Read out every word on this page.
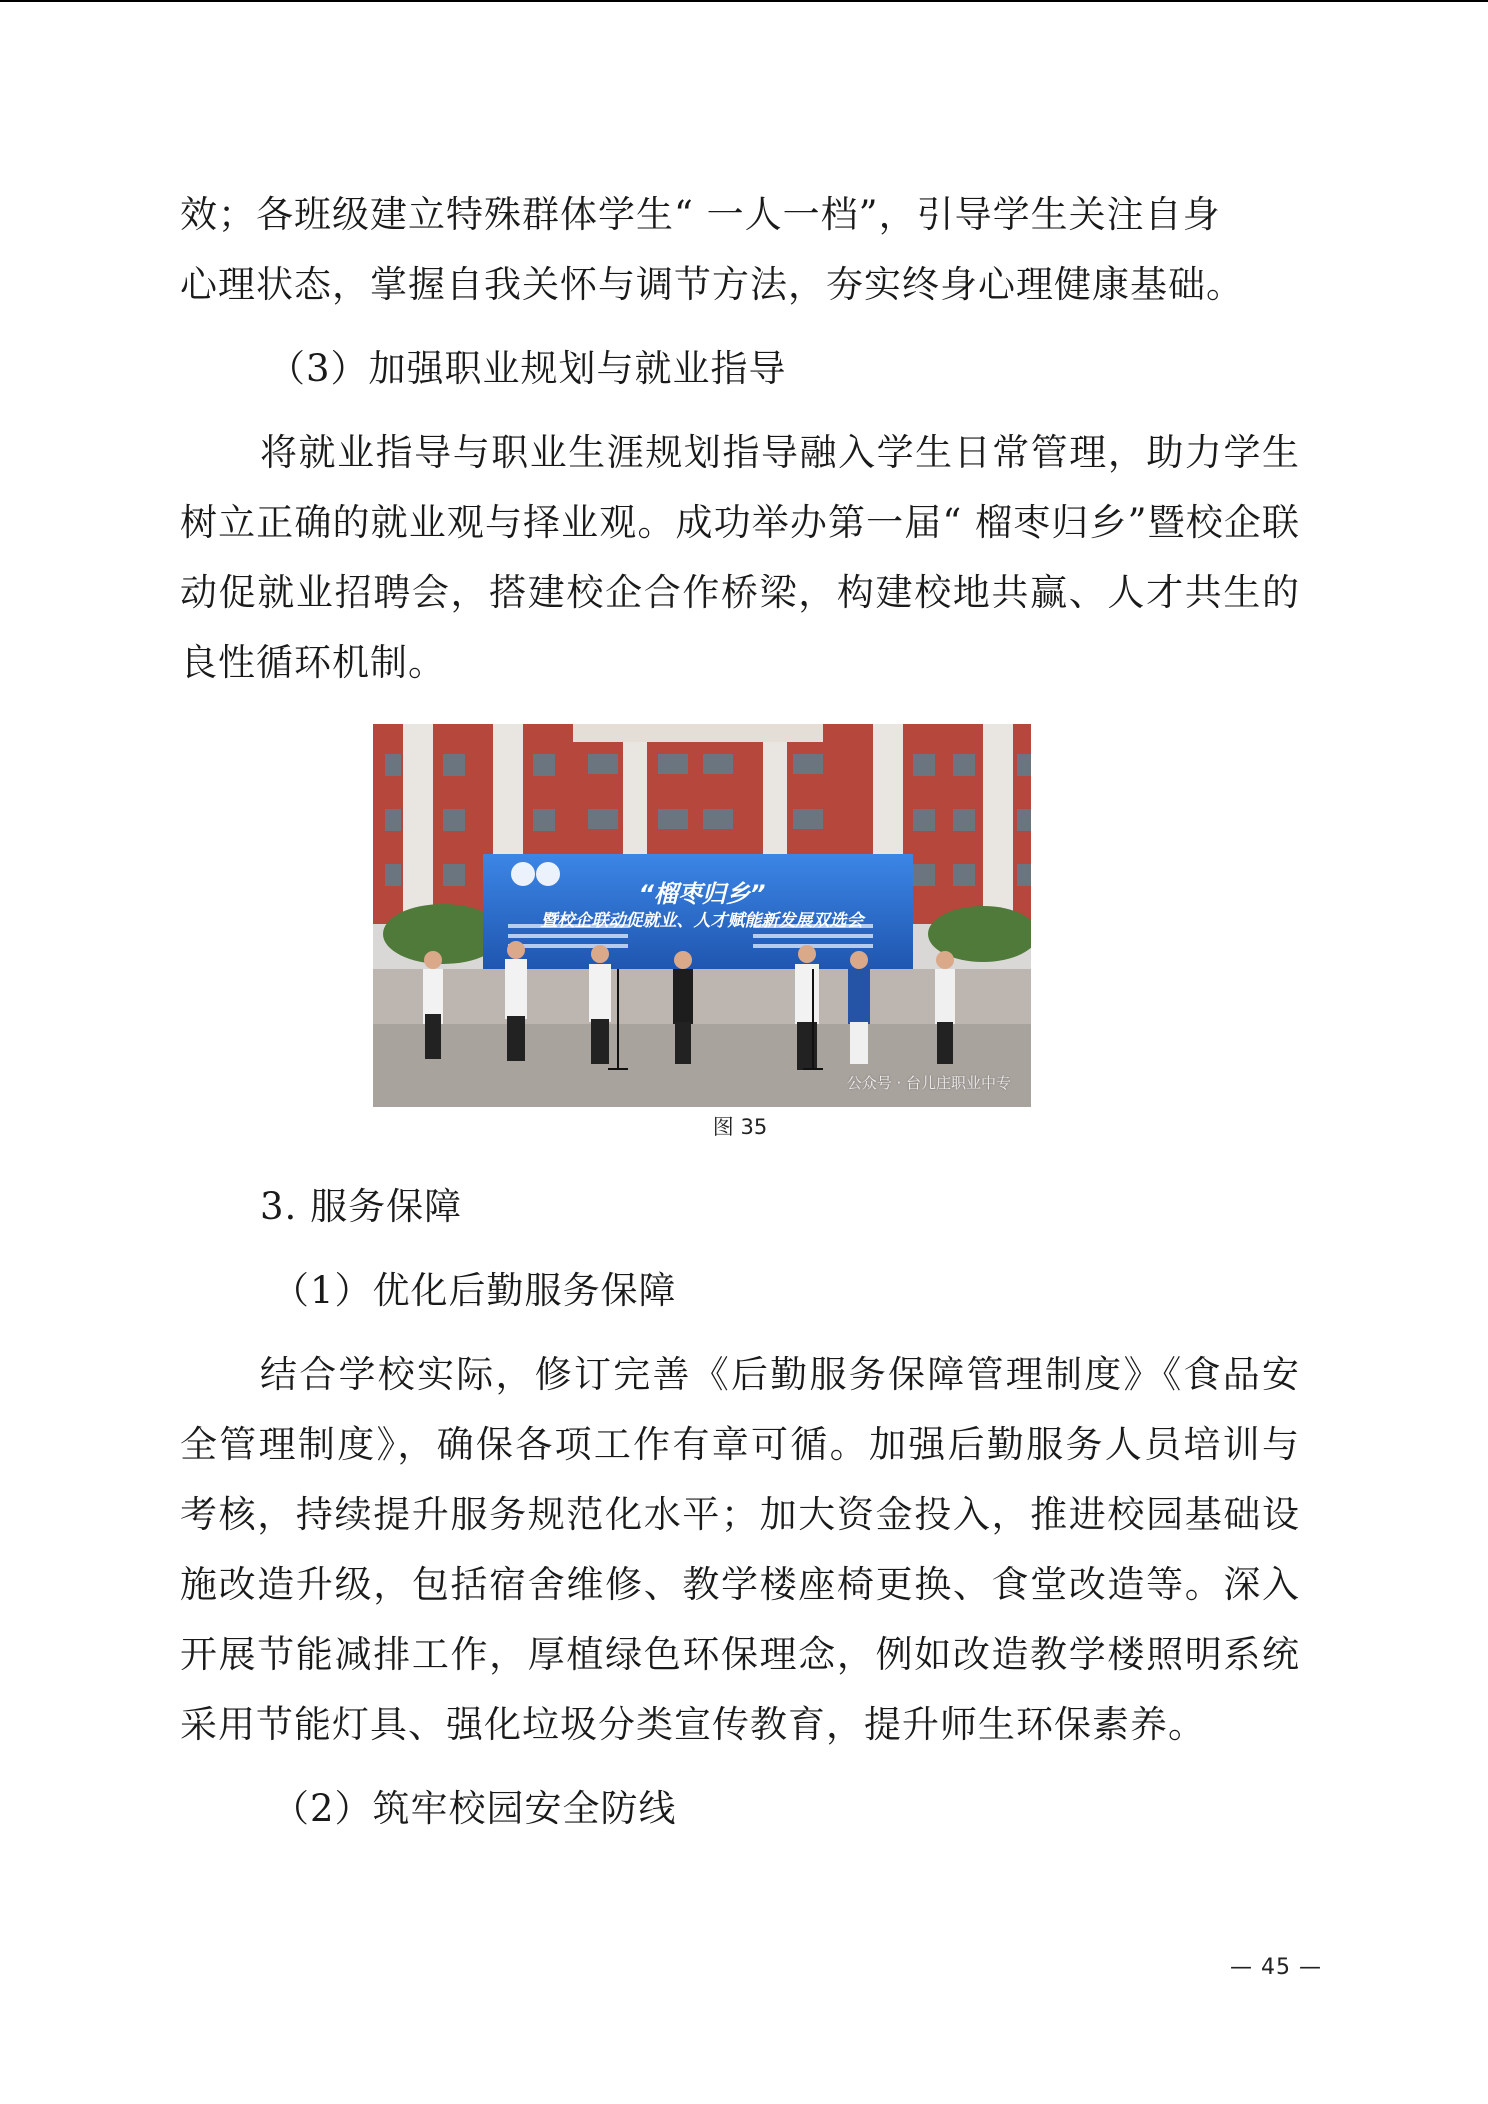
效；各班级建立特殊群体学生“ 一人一档”，引导学生关注自身

心理状态，掌握自我关怀与调节方法，夯实终身心理健康基础。

（3）加强职业规划与就业指导

将就业指导与职业生涯规划指导融入学生日常管理，助力学生树立正确的就业观与择业观。成功举办第一届“ 榴枣归乡”暨校企联动促就业招聘会，搭建校企合作桥梁，构建校地共赢、人才共生的良性循环机制。

“榴枣归乡”
暨校企联动促就业、人才赋能新发展双选会
公众号 · 台儿庄职业中专
图 35

3. 服务保障

（1）优化后勤服务保障

结合学校实际，修订完善《后勤服务保障管理制度》《食品安全管理制度》，确保各项工作有章可循。加强后勤服务人员培训与考核，持续提升服务规范化水平；加大资金投入，推进校园基础设施改造升级，包括宿舍维修、教学楼座椅更换、食堂改造等。深入开展节能减排工作，厚植绿色环保理念，例如改造教学楼照明系统采用节能灯具、强化垃圾分类宣传教育，提升师生环保素养。

（2）筑牢校园安全防线

— 45 —
